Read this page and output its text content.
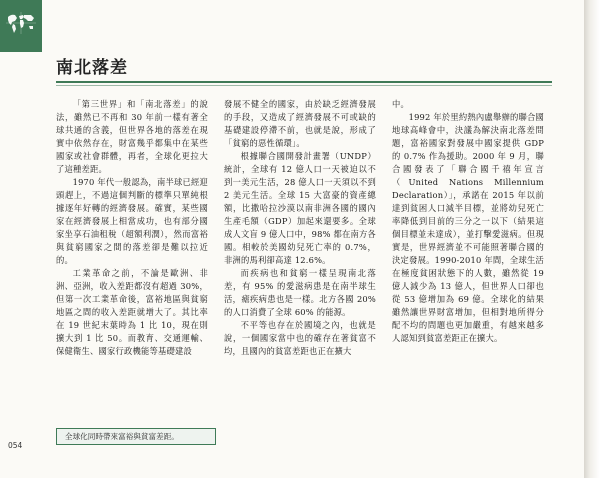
南北落差

「第三世界」和「南北落差」的說法，雖然已不再和 30 年前一樣有著全球共通的含義，但世界各地的落差在現實中依然存在，財富幾乎都集中在某些國家或社會群體，再者，全球化更拉大了這種差距。

1970 年代一般認為，南半球已經迎頭趕上，不過這個判斷的標準只單純根據逐年好轉的經濟發展。確實，某些國家在經濟發展上相當成功，也有部分國家坐享石油租稅（超額利潤），然而富裕與貧窮國家之間的落差卻是難以拉近的。

工業革命之前，不論是歐洲、非洲、亞洲，收入差距都沒有超過 30%，但第一次工業革命後，富裕地區與貧窮地區之間的收入差距就增大了。其比率在 19 世紀末葉時為 1 比 10，現在則擴大到 1 比 50。而教育、交通運輸、保健衛生、國家行政機能等基礎建設

發展不健全的國家，由於缺乏經濟發展的手段，又造成了經濟發展不可或缺的基礎建設停滯不前，也就是說，形成了「貧窮的惡性循環」。

根據聯合國開發計畫署（UNDP）統計，全球有 12 億人口一天被迫以不到一美元生活，28 億人口一天須以不到 2 美元生活。全球 15 大富豪的資產總額，比撒哈拉沙漠以南非洲各國的國內生產毛額（GDP）加起來還要多。全球成人文盲 9 億人口中，98% 都在南方各國。相較於美國幼兒死亡率的 0.7%，非洲的馬利卻高達 12.6%。

而疾病也和貧窮一樣呈現南北落差，有 95% 的愛滋病患是在南半球生活，瘧疾病患也是一樣。北方各國 20% 的人口消費了全球 60% 的能源。

不平等也存在於國境之內，也就是說，一個國家當中也的確存在著貧富不均，且國內的貧富差距也正在擴大

中。

1992 年於里約熱內盧舉辦的聯合國地球高峰會中，決議為解決南北落差問題，富裕國家對發展中國家提供 GDP 的 0.7% 作為援助。2000 年 9 月，聯合國發表了「聯合國千禧年宣言（United Nations Millennium Declaration）」，承諾在 2015 年以前達到貧困人口減半目標，並將幼兒死亡率降低到目前的三分之一以下（結果這個目標並未達成），並打擊愛滋病。但現實是，世界經濟並不可能照著聯合國的決定發展。1990-2010 年間，全球生活在極度貧困狀態下的人數，雖然從 19 億人減少為 13 億人，但世界人口卻也從 53 億增加為 69 億。全球化的結果雖然讓世界財富增加，但相對地所得分配不均的問題也更加嚴重，有越來越多人認知到貧富差距正在擴大。

全球化同時帶來富裕與貧富差距。
054
